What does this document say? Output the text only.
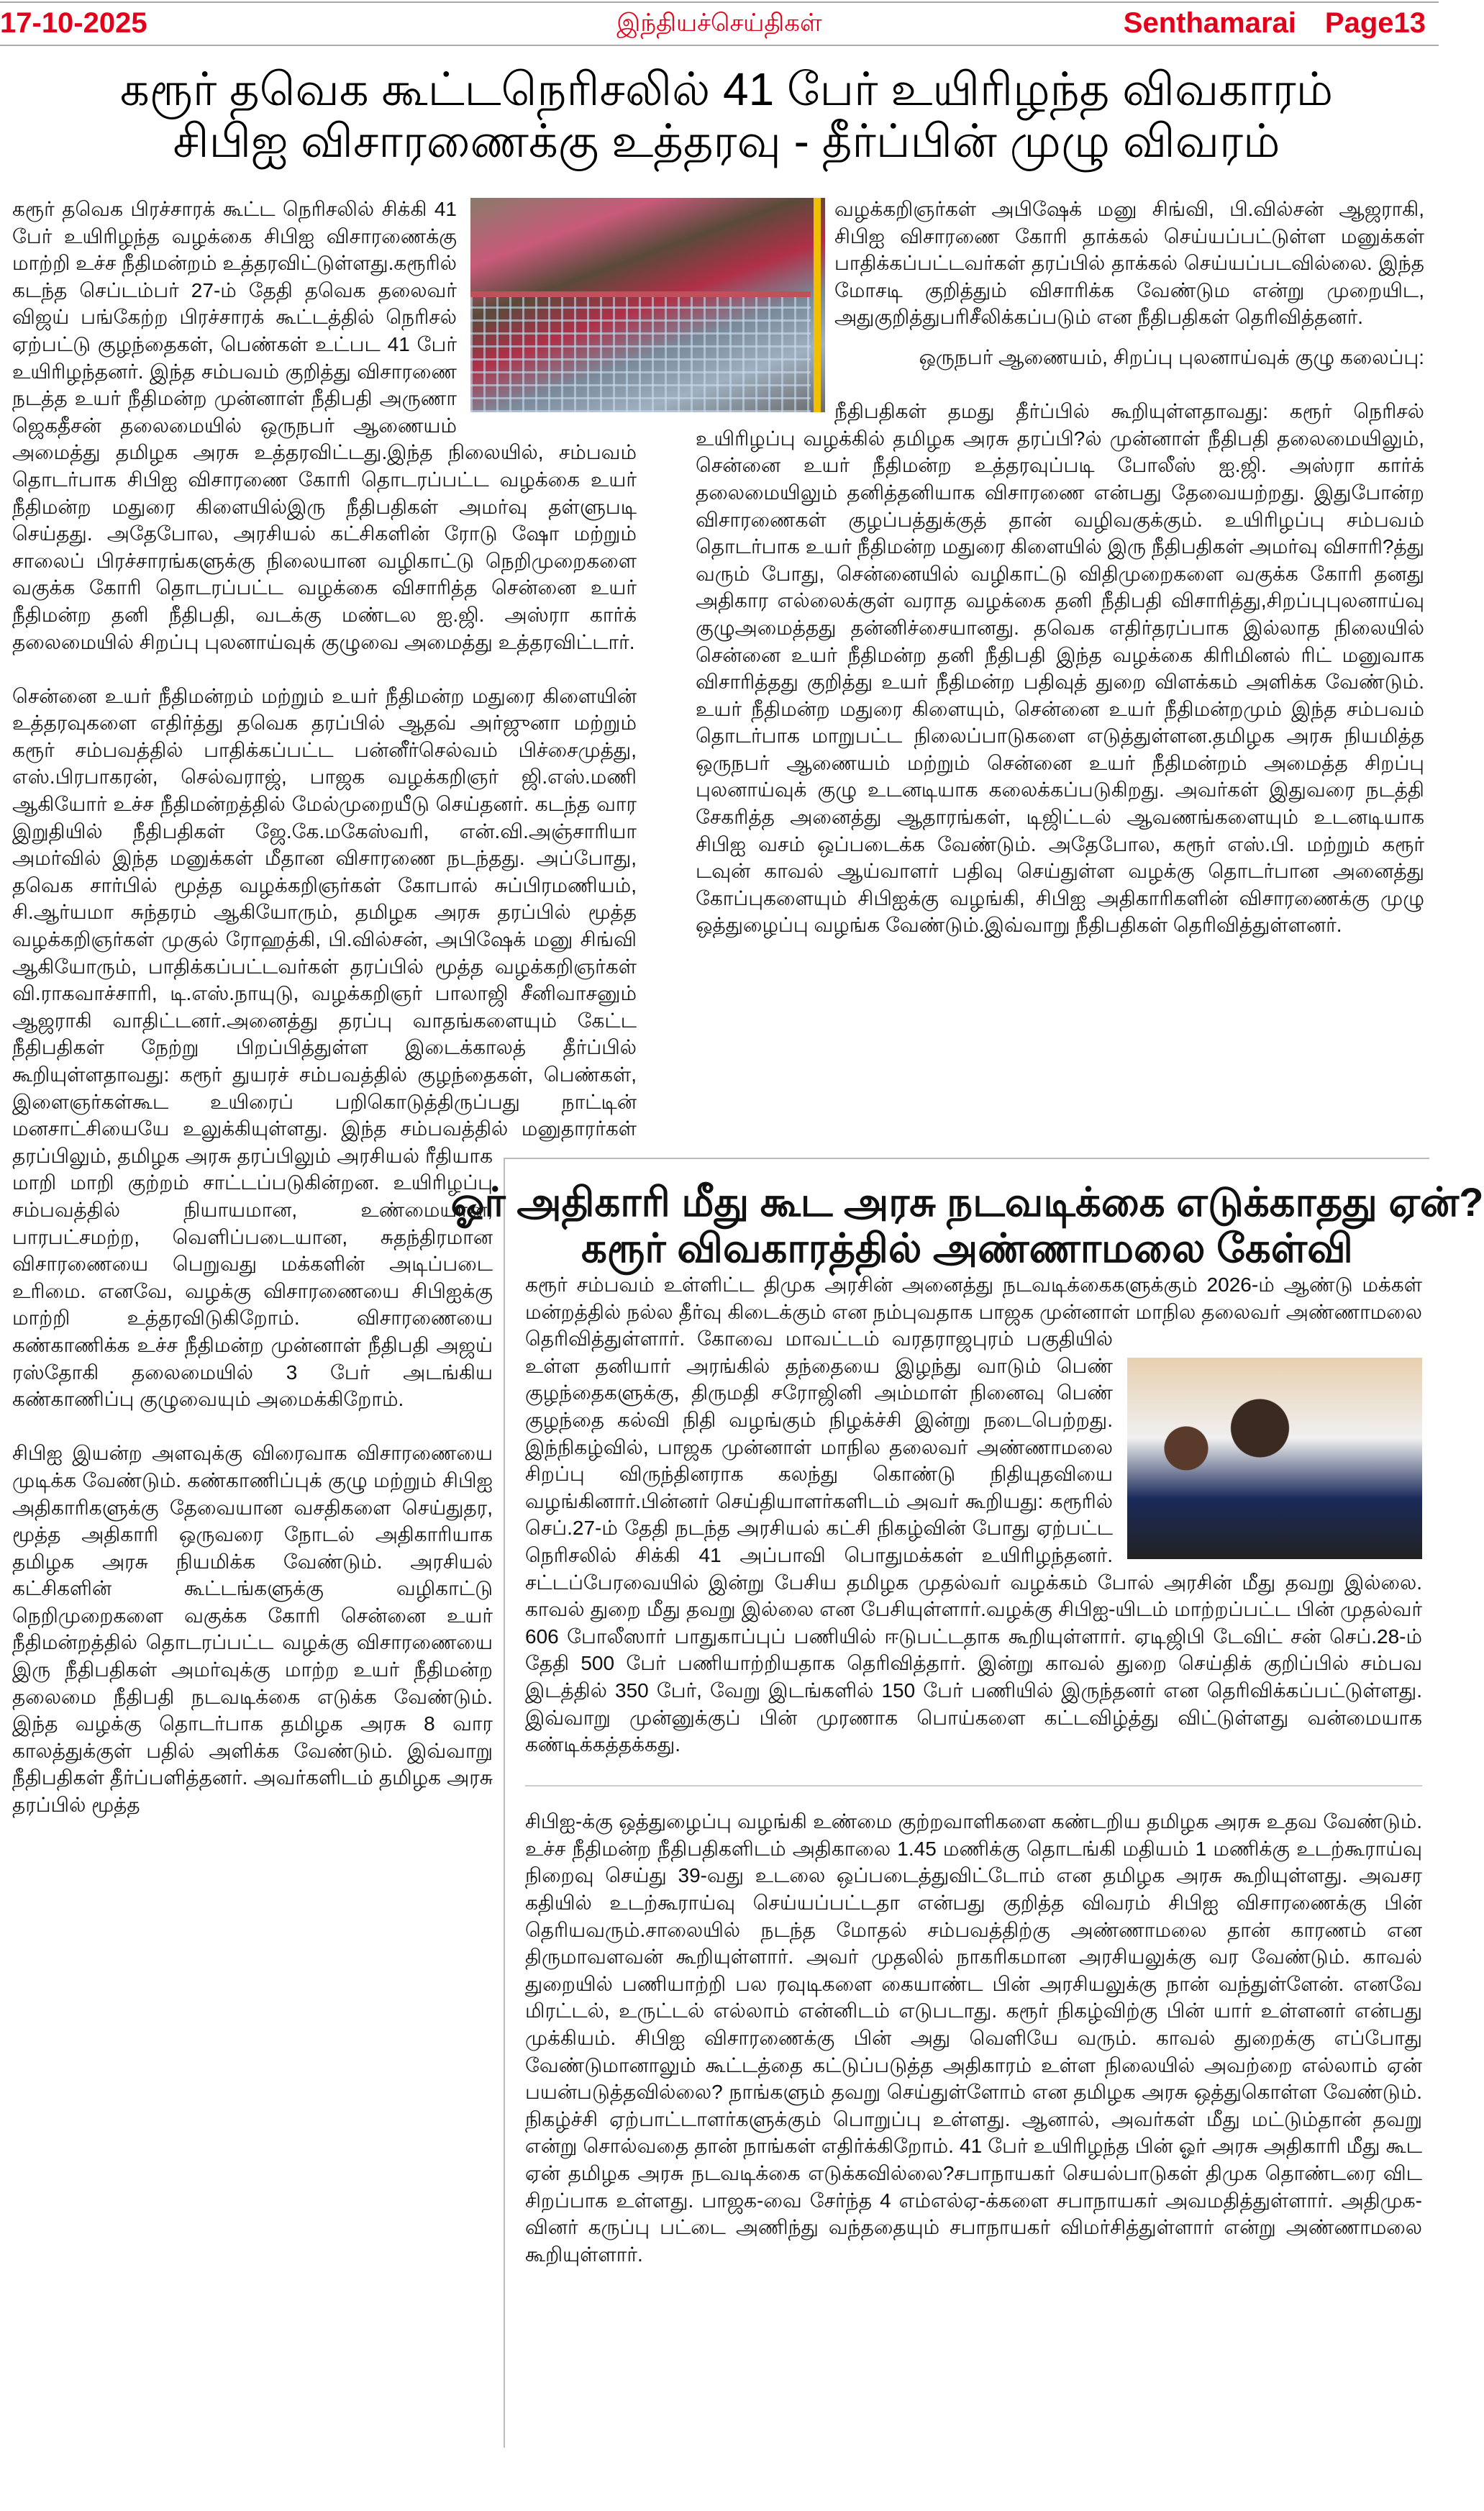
17-10-2025	இந்தியச்செய்திகள்	Senthamarai Page13
கரூர் தவெக கூட்டநெரிசலில் 41 பேர் உயிரிழந்த விவகாரம்
சிபிஐ விசாரணைக்கு உத்தரவு - தீர்ப்பின் முழு விவரம்

கரூர் தவெக பிரச்சாரக் கூட்ட நெரிசலில் சிக்கி 41 பேர் உயிரிழந்த வழக்கை சிபிஐ விசாரணைக்கு மாற்றி உச்ச நீதிமன்றம் உத்தரவிட்டுள்ளது.கரூரில் கடந்த செப்டம்பர் 27-ம் தேதி தவெக தலைவர் விஜய் பங்கேற்ற பிரச்சாரக் கூட்டத்தில் நெரிசல் ஏற்பட்டு குழந்தைகள், பெண்கள் உட்பட 41 பேர் உயிரிழந்தனர். இந்த சம்பவம் குறித்து விசாரணை நடத்த உயர் நீதிமன்ற முன்னாள் நீதிபதி அருணா ஜெகதீசன் தலைமையில் ஒருநபர் ஆணையம் அமைத்து தமிழக அரசு உத்தரவிட்டது.இந்த நிலையில், சம்பவம் தொடர்பாக சிபிஐ விசாரணை கோரி தொடரப்பட்ட வழக்கை உயர் நீதிமன்ற மதுரை கிளையில்இரு நீதிபதிகள் அமர்வு தள்ளுபடி செய்தது. அதேபோல, அரசியல் கட்சிகளின் ரோடு ஷோ மற்றும் சாலைப் பிரச்சாரங்களுக்கு நிலையான வழிகாட்டு நெறிமுறைகளை வகுக்க கோரி தொடரப்பட்ட வழக்கை விசாரித்த சென்னை உயர் நீதிமன்ற தனி நீதிபதி, வடக்கு மண்டல ஐ.ஜி. அஸ்ரா கார்க் தலைமையில் சிறப்பு புலனாய்வுக் குழுவை அமைத்து உத்தரவிட்டார்.

சென்னை உயர் நீதிமன்றம் மற்றும் உயர் நீதிமன்ற மதுரை கிளையின் உத்தரவுகளை எதிர்த்து தவெக தரப்பில் ஆதவ் அர்ஜுனா மற்றும் கரூர் சம்பவத்தில் பாதிக்கப்பட்ட பன்னீர்செல்வம் பிச்சைமுத்து, எஸ்.பிரபாகரன், செல்வராஜ், பாஜக வழக்கறிஞர் ஜி.எஸ்.மணி ஆகியோர் உச்ச நீதிமன்றத்தில் மேல்முறையீடு செய்தனர். கடந்த வார இறுதியில் நீதிபதிகள் ஜே.கே.மகேஸ்வரி, என்.வி.அஞ்சாரியா அமர்வில் இந்த மனுக்கள் மீதான விசாரணை நடந்தது. அப்போது, தவெக சார்பில் மூத்த வழக்கறிஞர்கள் கோபால் சுப்பிரமணியம், சி.ஆர்யமா சுந்தரம் ஆகியோரும், தமிழக அரசு தரப்பில் மூத்த வழக்கறிஞர்கள் முகுல் ரோஹத்கி, பி.வில்சன், அபிஷேக் மனு சிங்வி ஆகியோரும், பாதிக்கப்பட்டவர்கள் தரப்பில் மூத்த வழக்கறிஞர்கள் வி.ராகவாச்சாரி, டி.எஸ்.நாயுடு, வழக்கறிஞர் பாலாஜி சீனிவாசனும் ஆஜராகி வாதிட்டனர்.அனைத்து தரப்பு வாதங்களையும் கேட்ட நீதிபதிகள் நேற்று பிறப்பித்துள்ள இடைக்காலத் தீர்ப்பில் கூறியுள்ளதாவது: கரூர் துயரச் சம்பவத்தில் குழந்தைகள், பெண்கள், இளைஞர்கள்கூட உயிரைப் பறிகொடுத்திருப்பது நாட்டின் மனசாட்சியையே உலுக்கியுள்ளது. இந்த சம்பவத்தில் மனுதாரர்கள் தரப்பிலும், தமிழக அரசு தரப்பிலும் அரசியல் ரீதியாக மாறி மாறி குற்றம் சாட்டப்படுகின்றன. உயிரிழப்பு சம்பவத்தில் நியாயமான, உண்மையான, பாரபட்சமற்ற, வெளிப்படையான, சுதந்திரமான விசாரணையை பெறுவது மக்களின் அடிப்படை உரிமை. எனவே, வழக்கு விசாரணையை சிபிஐக்கு மாற்றி உத்தரவிடுகிறோம். விசாரணையை கண்காணிக்க உச்ச நீதிமன்ற முன்னாள் நீதிபதி அஜய் ரஸ்தோகி தலைமையில் 3 பேர் அடங்கிய கண்காணிப்பு குழுவையும் அமைக்கிறோம்.

சிபிஐ இயன்ற அளவுக்கு விரைவாக விசாரணையை முடிக்க வேண்டும். கண்காணிப்புக் குழு மற்றும் சிபிஐ அதிகாரிகளுக்கு தேவையான வசதிகளை செய்துதர, மூத்த அதிகாரி ஒருவரை நோடல் அதிகாரியாக தமிழக அரசு நியமிக்க வேண்டும். அரசியல் கட்சிகளின் கூட்டங்களுக்கு வழிகாட்டு நெறிமுறைகளை வகுக்க கோரி சென்னை உயர் நீதிமன்றத்தில் தொடரப்பட்ட வழக்கு விசாரணையை இரு நீதிபதிகள் அமர்வுக்கு மாற்ற உயர் நீதிமன்ற தலைமை நீதிபதி நடவடிக்கை எடுக்க வேண்டும். இந்த வழக்கு தொடர்பாக தமிழக அரசு 8 வார காலத்துக்குள் பதில் அளிக்க வேண்டும். இவ்வாறு நீதிபதிகள் தீர்ப்பளித்தனர். அவர்களிடம் தமிழக அரசு தரப்பில் மூத்த

வழக்கறிஞர்கள் அபிஷேக் மனு சிங்வி, பி.வில்சன் ஆஜராகி, சிபிஐ விசாரணை கோரி தாக்கல் செய்யப்பட்டுள்ள மனுக்கள் பாதிக்கப்பட்டவர்கள் தரப்பில் தாக்கல் செய்யப்படவில்லை. இந்த மோசடி குறித்தும் விசாரிக்க வேண்டும என்று முறையிட, அதுகுறித்துபரிசீலிக்கப்படும் என நீதிபதிகள் தெரிவித்தனர்.

ஒருநபர் ஆணையம், சிறப்பு புலனாய்வுக் குழு கலைப்பு:

நீதிபதிகள் தமது தீர்ப்பில் கூறியுள்ளதாவது: கரூர் நெரிசல் உயிரிழப்பு வழக்கில் தமிழக அரசு தரப்பி?ல் முன்னாள் நீதிபதி தலைமையிலும், சென்னை உயர் நீதிமன்ற உத்தரவுப்படி போலீஸ் ஐ.ஜி. அஸ்ரா கார்க் தலைமையிலும் தனித்தனியாக விசாரணை என்பது தேவையற்றது. இதுபோன்ற விசாரணைகள் குழப்பத்துக்குத் தான் வழிவகுக்கும். உயிரிழப்பு சம்பவம் தொடர்பாக உயர் நீதிமன்ற மதுரை கிளையில் இரு நீதிபதிகள் அமர்வு விசாரி?த்து வரும் போது, சென்னையில் வழிகாட்டு விதிமுறைகளை வகுக்க கோரி தனது அதிகார எல்லைக்குள் வராத வழக்கை தனி நீதிபதி விசாரித்து,சிறப்புபுலனாய்வு குழுஅமைத்தது தன்னிச்சையானது. தவெக எதிர்தரப்பாக இல்லாத நிலையில் சென்னை உயர் நீதிமன்ற தனி நீதிபதி இந்த வழக்கை கிரிமினல் ரிட் மனுவாக விசாரித்தது குறித்து உயர் நீதிமன்ற பதிவுத் துறை விளக்கம் அளிக்க வேண்டும். உயர் நீதிமன்ற மதுரை கிளையும், சென்னை உயர் நீதிமன்றமும் இந்த சம்பவம் தொடர்பாக மாறுபட்ட நிலைப்பாடுகளை எடுத்துள்ளன.தமிழக அரசு நியமித்த ஒருநபர் ஆணையம் மற்றும் சென்னை உயர் நீதிமன்றம் அமைத்த சிறப்பு புலனாய்வுக் குழு உடனடியாக கலைக்கப்படுகிறது. அவர்கள் இதுவரை நடத்தி சேகரித்த அனைத்து ஆதாரங்கள், டிஜிட்டல் ஆவணங்களையும் உடனடியாக சிபிஐ வசம் ஒப்படைக்க வேண்டும். அதேபோல, கரூர் எஸ்.பி. மற்றும் கரூர் டவுன் காவல் ஆய்வாளர் பதிவு செய்துள்ள வழக்கு தொடர்பான அனைத்து கோப்புகளையும் சிபிஐக்கு வழங்கி, சிபிஐ அதிகாரிகளின் விசாரணைக்கு முழு ஒத்துழைப்பு வழங்க வேண்டும்.இவ்வாறு நீதிபதிகள் தெரிவித்துள்ளனர்.

ஓர் அதிகாரி மீது கூட அரசு நடவடிக்கை எடுக்காதது ஏன்?
கரூர் விவகாரத்தில் அண்ணாமலை கேள்வி

கரூர் சம்பவம் உள்ளிட்ட திமுக அரசின் அனைத்து நடவடிக்கைகளுக்கும் 2026-ம் ஆண்டு மக்கள் மன்றத்தில் நல்ல தீர்வு கிடைக்கும் என நம்புவதாக பாஜக முன்னாள் மாநில தலைவர் அண்ணாமலை தெரிவித்துள்ளார். கோவை மாவட்டம் வரதராஜபுரம் பகுதியில் உள்ள தனியார் அரங்கில் தந்தையை இழந்து வாடும் பெண் குழந்தைகளுக்கு, திருமதி சரோஜினி அம்மாள் நினைவு பெண் குழந்தை கல்வி நிதி வழங்கும் நிழக்ச்சி இன்று நடைபெற்றது. இந்நிகழ்வில், பாஜக முன்னாள் மாநில தலைவர் அண்ணாமலை சிறப்பு விருந்தினராக கலந்து கொண்டு நிதியுதவியை வழங்கினார்.பின்னர் செய்தியாளர்களிடம் அவர் கூறியது: கரூரில் செப்.27-ம் தேதி நடந்த அரசியல் கட்சி நிகழ்வின் போது ஏற்பட்ட நெரிசலில் சிக்கி 41 அப்பாவி பொதுமக்கள் உயிரிழந்தனர். சட்டப்பேரவையில் இன்று பேசிய தமிழக முதல்வர் வழக்கம் போல் அரசின் மீது தவறு இல்லை. காவல் துறை மீது தவறு இல்லை என பேசியுள்ளார்.வழக்கு சிபிஐ-யிடம் மாற்றப்பட்ட பின் முதல்வர் 606 போலீஸார் பாதுகாப்புப் பணியில் ஈடுபட்டதாக கூறியுள்ளார். ஏடிஜிபி டேவிட் சன் செப்.28-ம் தேதி 500 பேர் பணியாற்றியதாக தெரிவித்தார். இன்று காவல் துறை செய்திக் குறிப்பில் சம்பவ இடத்தில் 350 பேர், வேறு இடங்களில் 150 பேர் பணியில் இருந்தனர் என தெரிவிக்கப்பட்டுள்ளது. இவ்வாறு முன்னுக்குப் பின் முரணாக பொய்களை கட்டவிழ்த்து விட்டுள்ளது வன்மையாக கண்டிக்கத்தக்கது.

சிபிஐ-க்கு ஒத்துழைப்பு வழங்கி உண்மை குற்றவாளிகளை கண்டறிய தமிழக அரசு உதவ வேண்டும். உச்ச நீதிமன்ற நீதிபதிகளிடம் அதிகாலை 1.45 மணிக்கு தொடங்கி மதியம் 1 மணிக்கு உடற்கூராய்வு நிறைவு செய்து 39-வது உடலை ஒப்படைத்துவிட்டோம் என தமிழக அரசு கூறியுள்ளது. அவசர கதியில் உடற்கூராய்வு செய்யப்பட்டதா என்பது குறித்த விவரம் சிபிஐ விசாரணைக்கு பின் தெரியவரும்.சாலையில் நடந்த மோதல் சம்பவத்திற்கு அண்ணாமலை தான் காரணம் என திருமாவளவன் கூறியுள்ளார். அவர் முதலில் நாகரிகமான அரசியலுக்கு வர வேண்டும். காவல் துறையில் பணியாற்றி பல ரவுடிகளை கையாண்ட பின் அரசியலுக்கு நான் வந்துள்ளேன். எனவே மிரட்டல், உருட்டல் எல்லாம் என்னிடம் எடுபடாது. கரூர் நிகழ்விற்கு பின் யார் உள்ளனர் என்பது முக்கியம். சிபிஐ விசாரணைக்கு பின் அது வெளியே வரும். காவல் துறைக்கு எப்போது வேண்டுமானாலும் கூட்டத்தை கட்டுப்படுத்த அதிகாரம் உள்ள நிலையில் அவற்றை எல்லாம் ஏன் பயன்படுத்தவில்லை? நாங்களும் தவறு செய்துள்ளோம் என தமிழக அரசு ஒத்துகொள்ள வேண்டும். நிகழ்ச்சி ஏற்பாட்டாளர்களுக்கும் பொறுப்பு உள்ளது. ஆனால், அவர்கள் மீது மட்டும்தான் தவறு என்று சொல்வதை தான் நாங்கள் எதிர்க்கிறோம். 41 பேர் உயிரிழந்த பின் ஓர் அரசு அதிகாரி மீது கூட ஏன் தமிழக அரசு நடவடிக்கை எடுக்கவில்லை?சபாநாயகர் செயல்பாடுகள் திமுக தொண்டரை விட சிறப்பாக உள்ளது. பாஜக-வை சேர்ந்த 4 எம்எல்ஏ-க்களை சபாநாயகர் அவமதித்துள்ளார். அதிமுக-வினர் கருப்பு பட்டை அணிந்து வந்ததையும் சபாநாயகர் விமர்சித்துள்ளார் என்று அண்ணாமலை கூறியுள்ளார்.
